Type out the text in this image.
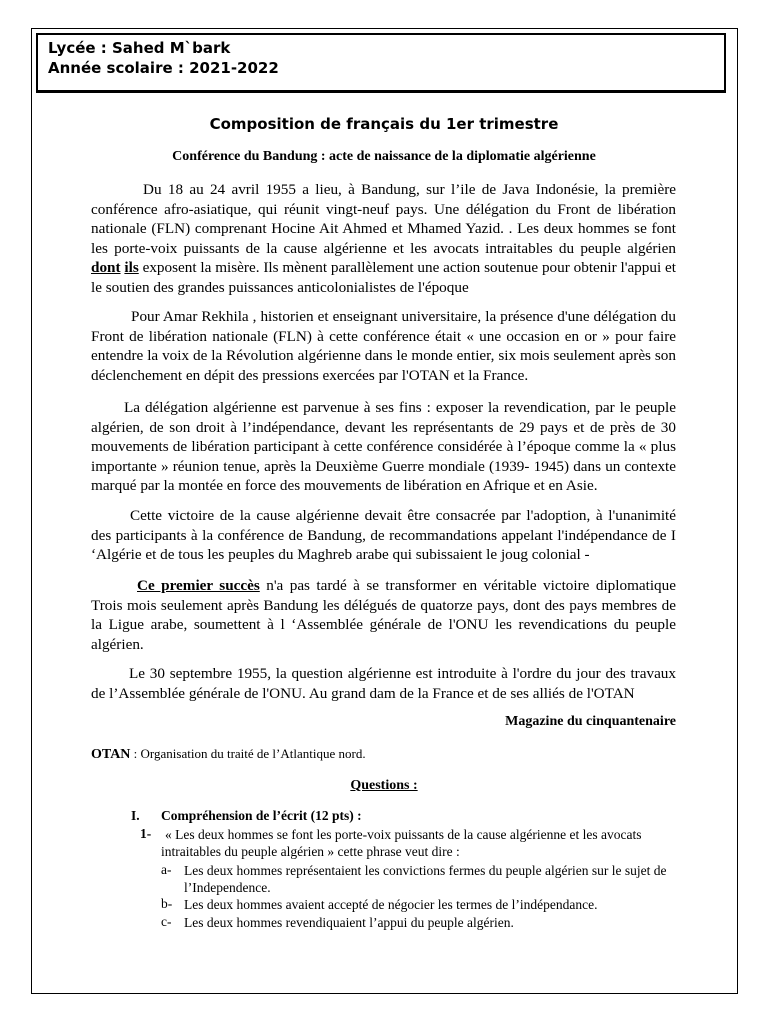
Lycée : Sahed M`bark
Année scolaire : 2021-2022
Composition de français du 1er trimestre
Conférence du Bandung : acte de naissance de la diplomatie algérienne

Du 18 au 24 avril 1955 a lieu, à Bandung, sur l’ile de Java Indonésie, la première conférence afro-asiatique, qui réunit vingt-neuf pays. Une délégation du Front de libération nationale (FLN) comprenant Hocine Ait Ahmed et Mhamed Yazid. . Les deux hommes se font les porte-voix puissants de la cause algérienne et les avocats intraitables du peuple algérien dont ils exposent la misère. Ils mènent parallèlement une action soutenue pour obtenir l'appui et le soutien des grandes puissances anticolonialistes de l'époque

Pour Amar Rekhila , historien et enseignant universitaire, la présence d'une délégation du Front de libération nationale (FLN) à cette conférence était « une occasion en or » pour faire entendre la voix de la Révolution algérienne dans le monde entier, six mois seulement après son déclenchement en dépit des pressions exercées par l'OTAN et la France.

La délégation algérienne est parvenue à ses fins : exposer la revendication, par le peuple algérien, de son droit à l’indépendance, devant les représentants de 29 pays et de près de 30 mouvements de libération participant à cette conférence considérée à l’époque comme la « plus importante » réunion tenue, après la Deuxième Guerre mondiale (1939- 1945) dans un contexte marqué par la montée en force des mouvements de libération en Afrique et en Asie.

Cette victoire de la cause algérienne devait être consacrée par l'adoption, à l'unanimité des participants à la conférence de Bandung, de recommandations appelant l'indépendance de I ‘Algérie et de tous les peuples du Maghreb arabe qui subissaient le joug colonial -

Ce premier succès n'a pas tardé à se transformer en véritable victoire diplomatique Trois mois seulement après Bandung les délégués de quatorze pays, dont des pays membres de la Ligue arabe, soumettent à l ‘Assemblée générale de l'ONU les revendications du peuple algérien.

Le 30 septembre 1955, la question algérienne est introduite à l'ordre du jour des travaux de l’Assemblée générale de l'ONU. Au grand dam de la France et de ses alliés de l'OTAN

Magazine du cinquantenaire
OTAN : Organisation du traité de l’Atlantique nord.
Questions :
I. Compréhension de l’écrit (12 pts) :
1- « Les deux hommes se font les porte-voix puissants de la cause algérienne et les avocats intraitables du peuple algérien » cette phrase veut dire :
a- Les deux hommes représentaient les convictions fermes du peuple algérien sur le sujet de l’Independence.
b- Les deux hommes avaient accepté de négocier les termes de l’indépendance.
c- Les deux hommes revendiquaient l’appui du peuple algérien.
